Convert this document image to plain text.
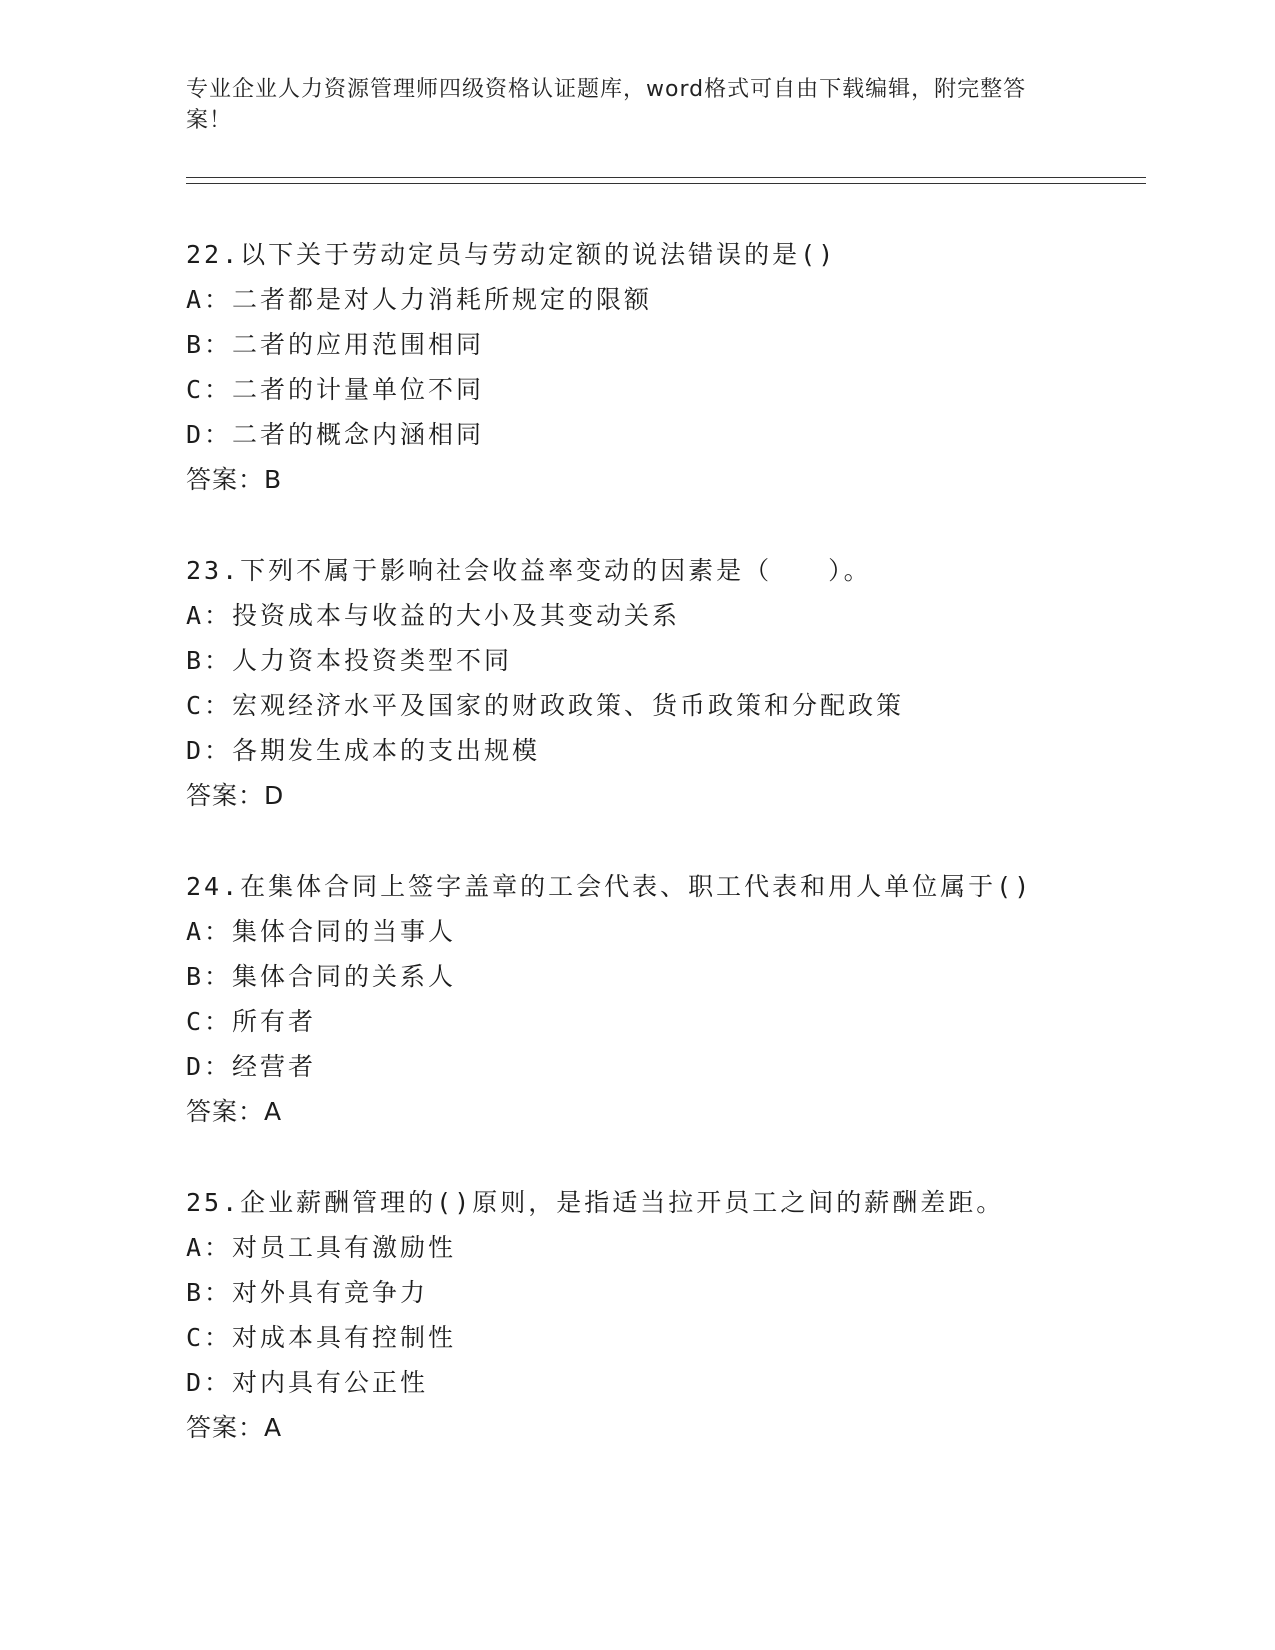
专业企业人力资源管理师四级资格认证题库，word格式可自由下载编辑，附完整答案！
22.以下关于劳动定员与劳动定额的说法错误的是()
A：二者都是对人力消耗所规定的限额
B：二者的应用范围相同
C：二者的计量单位不同
D：二者的概念内涵相同
答案：B
23.下列不属于影响社会收益率变动的因素是（　　）。
A：投资成本与收益的大小及其变动关系
B：人力资本投资类型不同
C：宏观经济水平及国家的财政政策、货币政策和分配政策
D：各期发生成本的支出规模
答案：D
24.在集体合同上签字盖章的工会代表、职工代表和用人单位属于()
A：集体合同的当事人
B：集体合同的关系人
C：所有者
D：经营者
答案：A
25.企业薪酬管理的()原则，是指适当拉开员工之间的薪酬差距。
A：对员工具有激励性
B：对外具有竞争力
C：对成本具有控制性
D：对内具有公正性
答案：A
